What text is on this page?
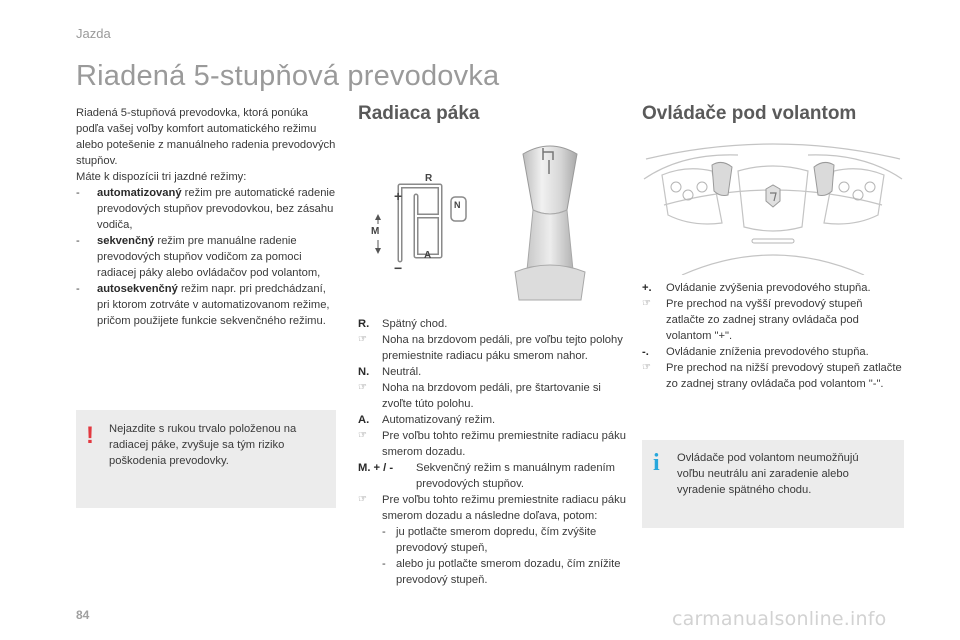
Jazda
Riadená 5-stupňová prevodovka

Riadená 5-stupňová prevodovka, ktorá ponúka podľa vašej voľby komfort automatického režimu alebo potešenie z manuálneho radenia prevodových stupňov.

Máte k dispozícii tri jazdné režimy:

-	automatizovaný režim pre automatické radenie prevodových stupňov prevodovkou, bez zásahu vodiča,
-	sekvenčný režim pre manuálne radenie prevodových stupňov vodičom za pomoci radiacej páky alebo ovládačov pod volantom,
-	autosekvenčný režim napr. pri predchádzaní, pri ktorom zotrváte v automatizovanom režime, pričom použijete funkcie sekvenčného režimu.
! Nejazdite s rukou trvalo položenou na radiacej páke, zvyšuje sa tým riziko poškodenia prevodovky.

Radiaca páka
N
R
+
M
−
A
R.	Spätný chod.
☞	Noha na brzdovom pedáli, pre voľbu tejto polohy premiestnite radiacu páku smerom nahor.
N.	Neutrál.
☞	Noha na brzdovom pedáli, pre štartovanie si zvoľte túto polohu.
A.	Automatizovaný režim.
☞	Pre voľbu tohto režimu premiestnite radiacu páku smerom dozadu.
M. + / -	Sekvenčný režim s manuálnym radením prevodových stupňov.
☞	Pre voľbu tohto režimu premiestnite radiacu páku smerom dozadu a následne doľava, potom:
- ju potlačte smerom dopredu, čím zvýšite prevodový stupeň,
- alebo ju potlačte smerom dozadu, čím znížite prevodový stupeň.
Ovládače pod volantom
+.	Ovládanie zvýšenia prevodového stupňa.
☞	Pre prechod na vyšší prevodový stupeň zatlačte zo zadnej strany ovládača pod volantom "+".
-.	Ovládanie zníženia prevodového stupňa.
☞	Pre prechod na nižší prevodový stupeň zatlačte zo zadnej strany ovládača pod volantom "-".
i Ovládače pod volantom neumožňujú voľbu neutrálu ani zaradenie alebo vyradenie spätného chodu.

84	carmanualsonline.info
